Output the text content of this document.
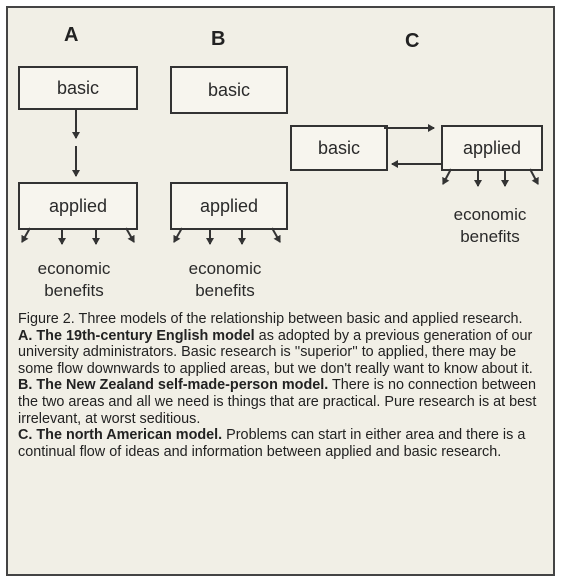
A	B	C
basic
applied
economic
benefits
basic
applied
economic
benefits
basic	applied
economic
benefits

Figure 2. Three models of the relationship between basic and applied research.

A. The 19th-century English model as adopted by a previous generation of our university administrators. Basic research is ''superior'' to applied, there may be some flow downwards to applied areas, but we don't really want to know about it.

B. The New Zealand self-made-person model. There is no connection between the two areas and all we need is things that are practical. Pure research is at best irrelevant, at worst seditious.

C. The north American model. Problems can start in either area and there is a continual flow of ideas and information between applied and basic research.
